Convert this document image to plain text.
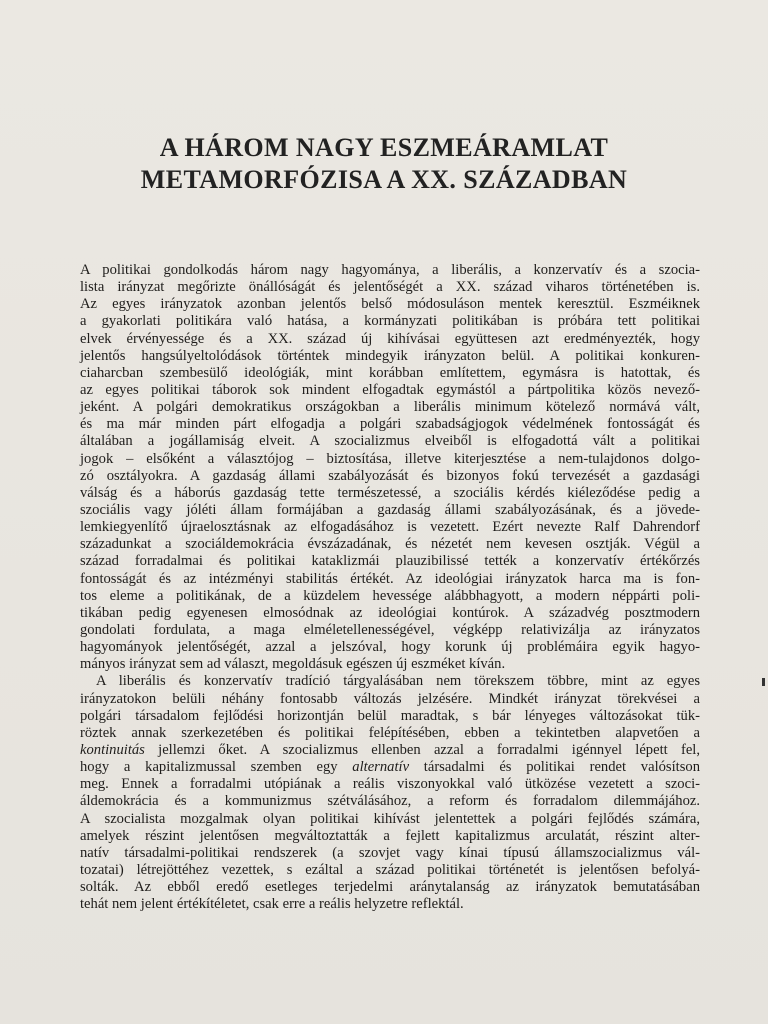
A HÁROM NAGY ESZMEÁRAMLAT
METAMORFÓZISA A XX. SZÁZADBAN
A politikai gondolkodás három nagy hagyománya, a liberális, a konzervatív és a szocia-
lista irányzat megőrizte önállóságát és jelentőségét a XX. század viharos történetében is.
Az egyes irányzatok azonban jelentős belső módosuláson mentek keresztül. Eszméiknek
a gyakorlati politikára való hatása, a kormányzati politikában is próbára tett politikai
elvek érvényessége és a XX. század új kihívásai együttesen azt eredményezték, hogy
jelentős hangsúlyeltolódások történtek mindegyik irányzaton belül. A politikai konkuren-
ciaharcban szembesülő ideológiák, mint korábban említettem, egymásra is hatottak, és
az egyes politikai táborok sok mindent elfogadtak egymástól a pártpolitika közös nevező-
jeként. A polgári demokratikus országokban a liberális minimum kötelező normává vált,
és ma már minden párt elfogadja a polgári szabadságjogok védelmének fontosságát és
általában a jogállamiság elveit. A szocializmus elveiből is elfogadottá vált a politikai
jogok – elsőként a választójog – biztosítása, illetve kiterjesztése a nem-tulajdonos dolgo-
zó osztályokra. A gazdaság állami szabályozását és bizonyos fokú tervezését a gazdasági
válság és a háborús gazdaság tette természetessé, a szociális kérdés kiéleződése pedig a
szociális vagy jóléti állam formájában a gazdaság állami szabályozásának, és a jövede-
lemkiegyenlítő újraelosztásnak az elfogadásához is vezetett. Ezért nevezte Ralf Dahrendorf
századunkat a szociáldemokrácia évszázadának, és nézetét nem kevesen osztják. Végül a
század forradalmai és politikai kataklizmái plauzibilissé tették a konzervatív értékőrzés
fontosságát és az intézményi stabilitás értékét. Az ideológiai irányzatok harca ma is fon-
tos eleme a politikának, de a küzdelem hevessége alábbhagyott, a modern néppárti poli-
tikában pedig egyenesen elmosódnak az ideológiai kontúrok. A századvég posztmodern
gondolati fordulata, a maga elméletellenességével, végképp relativizálja az irányzatos
hagyományok jelentőségét, azzal a jelszóval, hogy korunk új problémáira egyik hagyo-
mányos irányzat sem ad választ, megoldásuk egészen új eszméket kíván.
A liberális és konzervatív tradíció tárgyalásában nem törekszem többre, mint az egyes
irányzatokon belüli néhány fontosabb változás jelzésére. Mindkét irányzat törekvései a
polgári társadalom fejlődési horizontján belül maradtak, s bár lényeges változásokat tük-
röztek annak szerkezetében és politikai felépítésében, ebben a tekintetben alapvetően a
kontinuitás jellemzi őket. A szocializmus ellenben azzal a forradalmi igénnyel lépett fel,
hogy a kapitalizmussal szemben egy alternatív társadalmi és politikai rendet valósítson
meg. Ennek a forradalmi utópiának a reális viszonyokkal való ütközése vezetett a szoci-
áldemokrácia és a kommunizmus szétválásához, a reform és forradalom dilemmájához.
A szocialista mozgalmak olyan politikai kihívást jelentettek a polgári fejlődés számára,
amelyek részint jelentősen megváltoztatták a fejlett kapitalizmus arculatát, részint alter-
natív társadalmi-politikai rendszerek (a szovjet vagy kínai típusú államszocializmus vál-
tozatai) létrejöttéhez vezettek, s ezáltal a század politikai történetét is jelentősen befolyá-
solták. Az ebből eredő esetleges terjedelmi aránytalanság az irányzatok bemutatásában
tehát nem jelent értékítéletet, csak erre a reális helyzetre reflektál.
